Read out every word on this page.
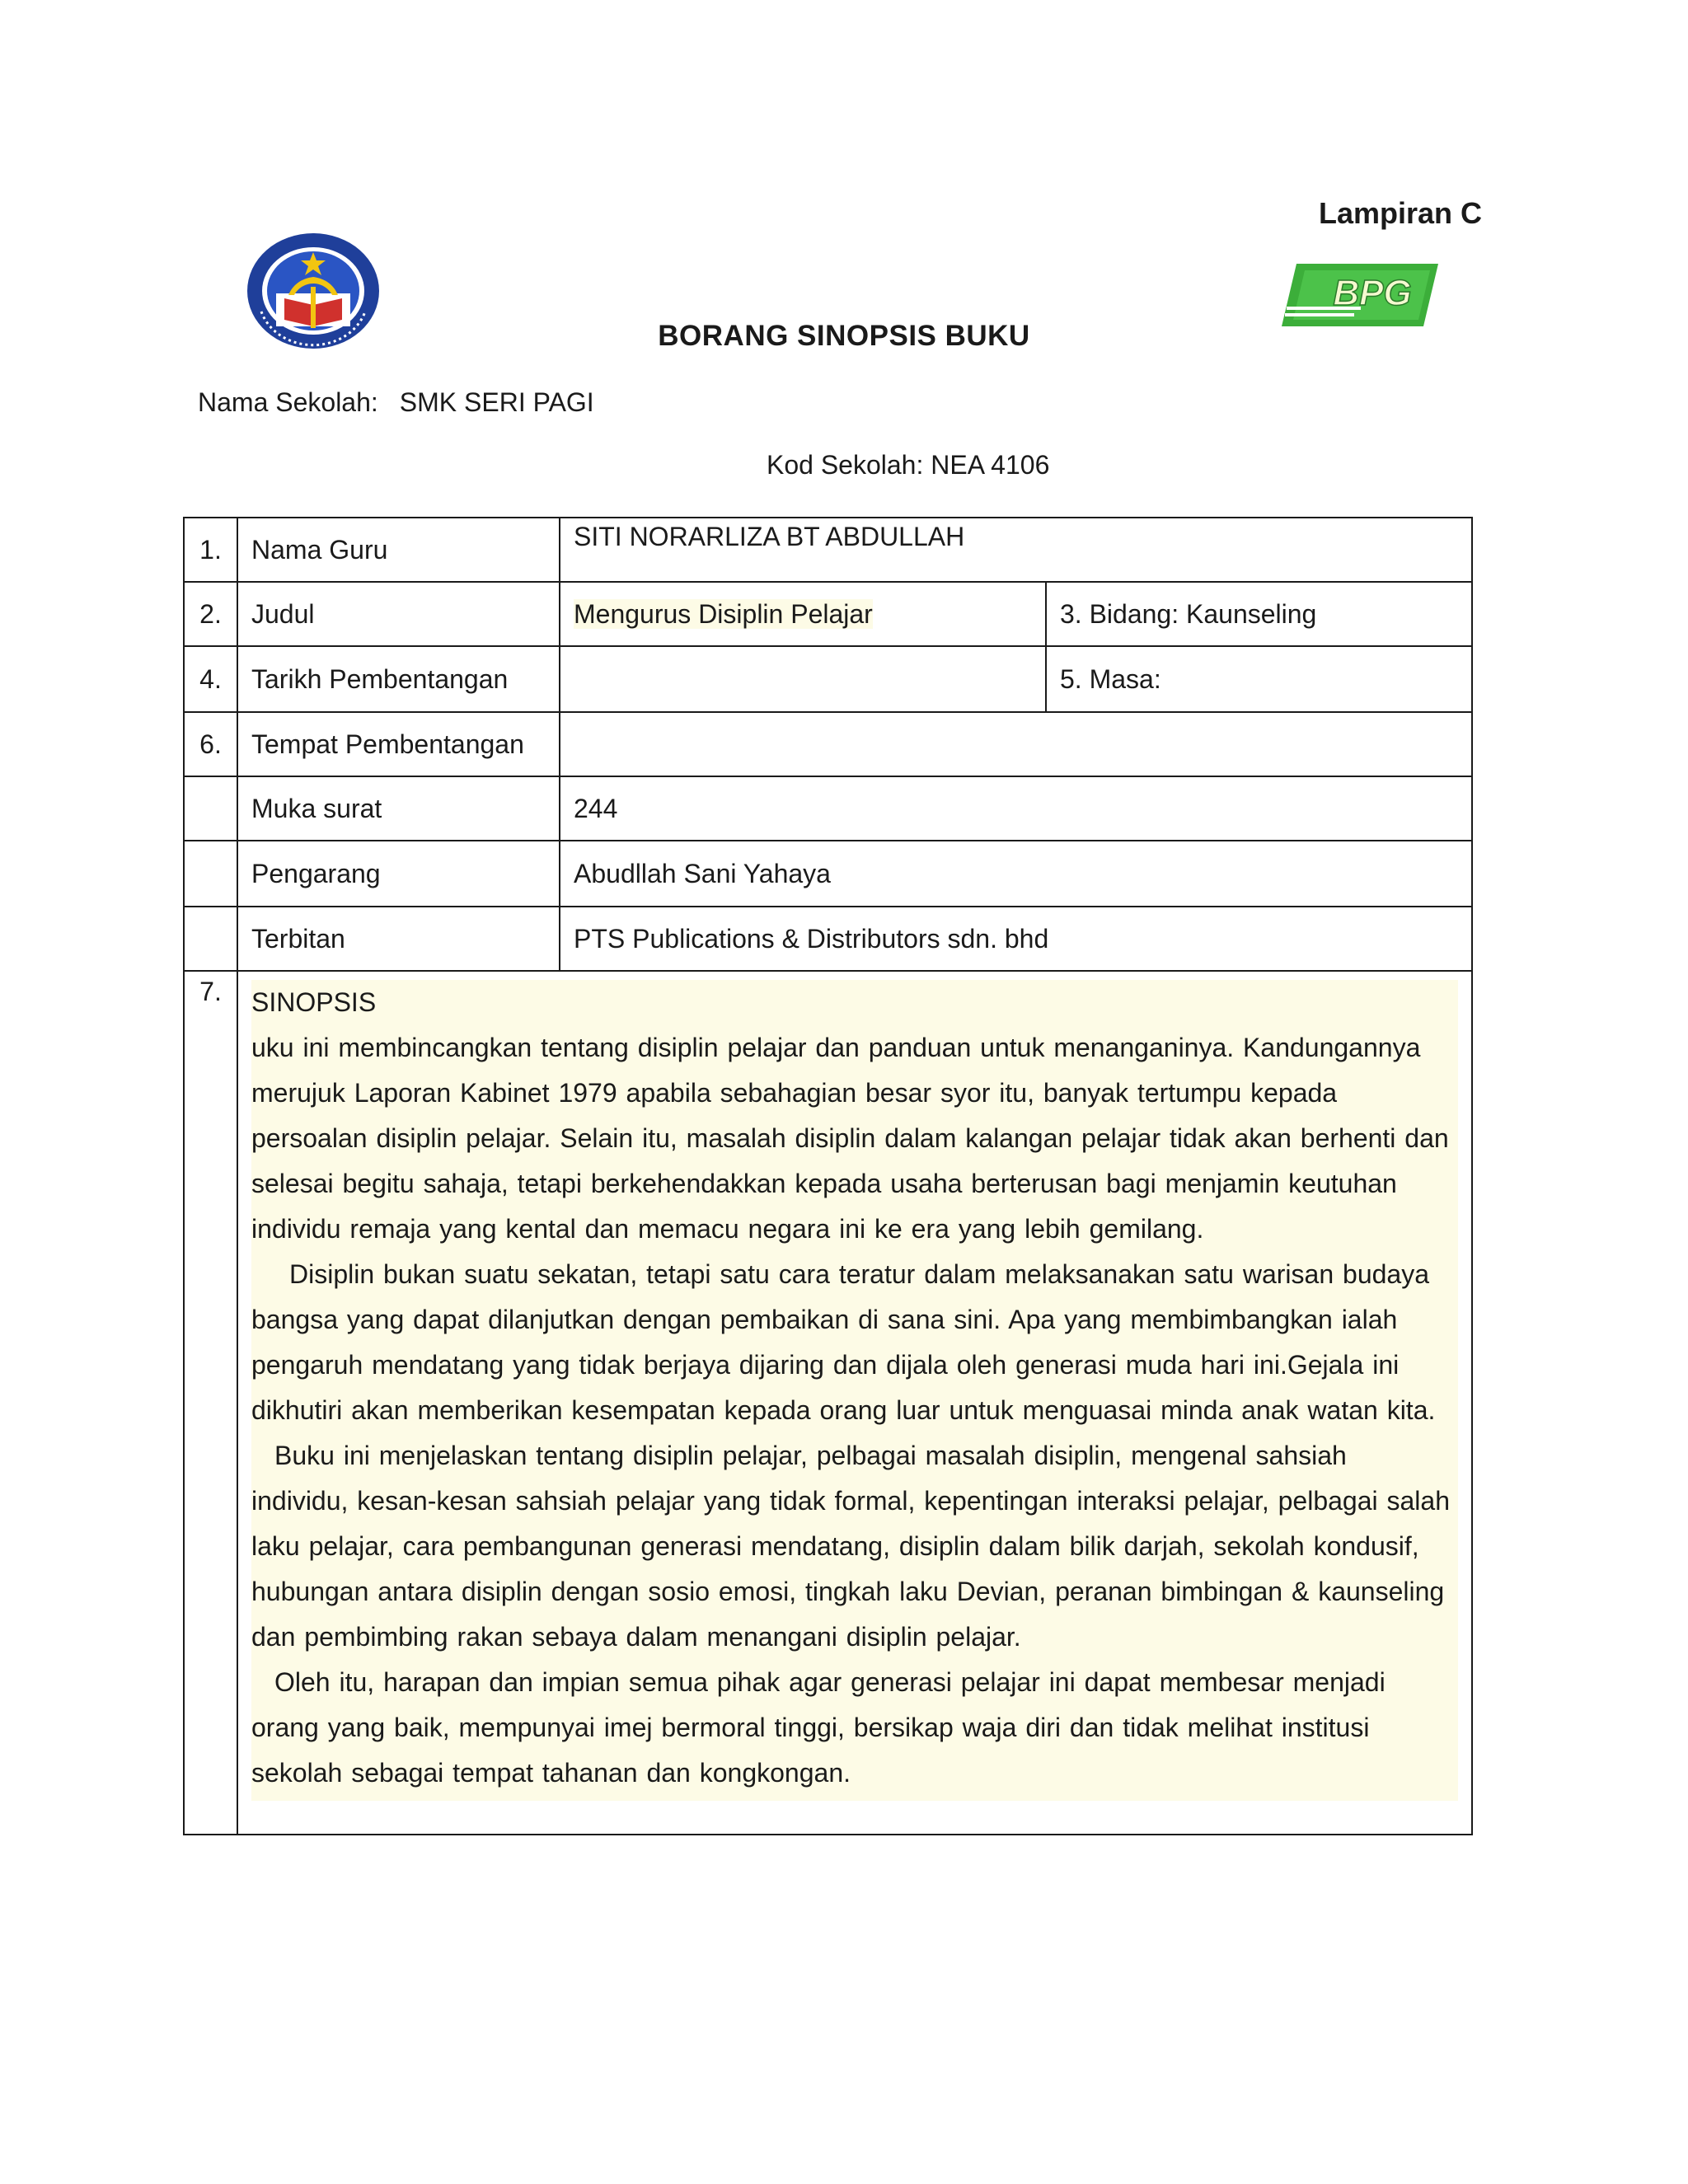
Lampiran C
BPG
BORANG SINOPSIS BUKU
Nama Sekolah: SMK SERI PAGI
Kod Sekolah: NEA 4106
1.	Nama Guru	SITI NORARLIZA BT ABDULLAH	
2.	Judul	Mengurus Disiplin Pelajar	3. Bidang: Kaunseling
4.	Tarikh Pembentangan		5. Masa:
6.	Tempat Pembentangan		
	Muka surat	244	
	Pengarang	Abudllah Sani Yahaya	
	Terbitan	PTS Publications & Distributors sdn. bhd	
7.	SINOPSIS

uku ini membincangkan tentang disiplin pelajar dan panduan untuk menanganinya. Kandungannya merujuk Laporan Kabinet 1979 apabila sebahagian besar syor itu, banyak tertumpu kepada persoalan disiplin pelajar. Selain itu, masalah disiplin dalam kalangan pelajar tidak akan berhenti dan selesai begitu sahaja, tetapi berkehendakkan kepada usaha berterusan bagi menjamin keutuhan individu remaja yang kental dan memacu negara ini ke era yang lebih gemilang.

Disiplin bukan suatu sekatan, tetapi satu cara teratur dalam melaksanakan satu warisan budaya bangsa yang dapat dilanjutkan dengan pembaikan di sana sini. Apa yang membimbangkan ialah pengaruh mendatang yang tidak berjaya dijaring dan dijala oleh generasi muda hari ini.Gejala ini dikhutiri akan memberikan kesempatan kepada orang luar untuk menguasai minda anak watan kita.

Buku ini menjelaskan tentang disiplin pelajar, pelbagai masalah disiplin, mengenal sahsiah individu, kesan-kesan sahsiah pelajar yang tidak formal, kepentingan interaksi pelajar, pelbagai salah laku pelajar, cara pembangunan generasi mendatang, disiplin dalam bilik darjah, sekolah kondusif, hubungan antara disiplin dengan sosio emosi, tingkah laku Devian, peranan bimbingan & kaunseling dan pembimbing rakan sebaya dalam menangani disiplin pelajar.

Oleh itu, harapan dan impian semua pihak agar generasi pelajar ini dapat membesar menjadi orang yang baik, mempunyai imej bermoral tinggi, bersikap waja diri dan tidak melihat institusi sekolah sebagai tempat tahanan dan kongkongan.		
